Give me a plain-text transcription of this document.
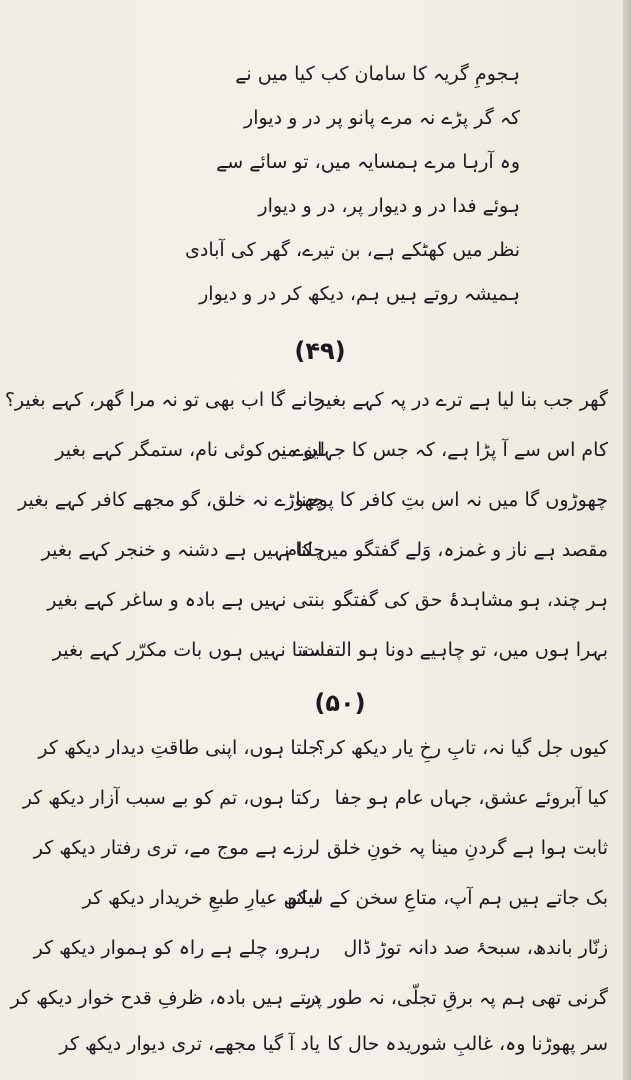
ہجومِ گریہ کا سامان کب کیا میں نے
کہ گر پڑے نہ مرے پانو پر در و دیوار
وہ آرہا مرے ہمسایہ میں، تو سائے سے
ہوئے فدا در و دیوار پر، در و دیوار
نظر میں کھٹکے ہے، بن تیرے، گھر کی آبادی
ہمیشہ روتے ہیں ہم، دیکھ کر در و دیوار
(۴۹)
گھر جب بنا لیا ہے ترے در پہ کہے بغیر
کام اس سے آ پڑا ہے، کہ جس کا جہان میں
چھوڑوں گا میں نہ اس بتِ کافر کا پوجنا
مقصد ہے ناز و غمزہ، وَلے گفتگو میں کام
ہر چند، ہو مشاہدۂ حق کی گفتگو
بہرا ہوں میں، تو چاہیے دونا ہو التفات
جانے گا اب بھی تو نہ مرا گھر، کہے بغیر؟
لیوے نہ کوئی نام، ستمگر کہے بغیر
چھوڑے نہ خلق، گو مجھے کافر کہے بغیر
چلتا نہیں ہے دشنہ و خنجر کہے بغیر
بنتی نہیں ہے بادہ و ساغر کہے بغیر
سنتا نہیں ہوں بات مکرّر کہے بغیر
(۵۰)
کیوں جل گیا نہ، تابِ رخِ یار دیکھ کر؟
کیا آبروئے عشق، جہاں عام ہو جفا
ثابت ہوا ہے گردنِ مینا پہ خونِ خلق
بک جاتے ہیں ہم آپ، متاعِ سخن کے ساتھ
زنّار باندھ، سبحۂ صد دانہ توڑ ڈال
گرنی تھی ہم پہ برقِ تجلّی، نہ طور پر
سر پھوڑنا وہ، غالبِ شوریدہ حال کا
جلتا ہوں، اپنی طاقتِ دیدار دیکھ کر
رکتا ہوں، تم کو بے سبب آزار دیکھ کر
لرزے ہے موج مے، تری رفتار دیکھ کر
لیکن عیارِ طبعِ خریدار دیکھ کر
رہرو، چلے ہے راہ کو ہموار دیکھ کر
دیتے ہیں بادہ، ظرفِ قدح خوار دیکھ کر
یاد آ گیا مجھے، تری دیوار دیکھ کر
